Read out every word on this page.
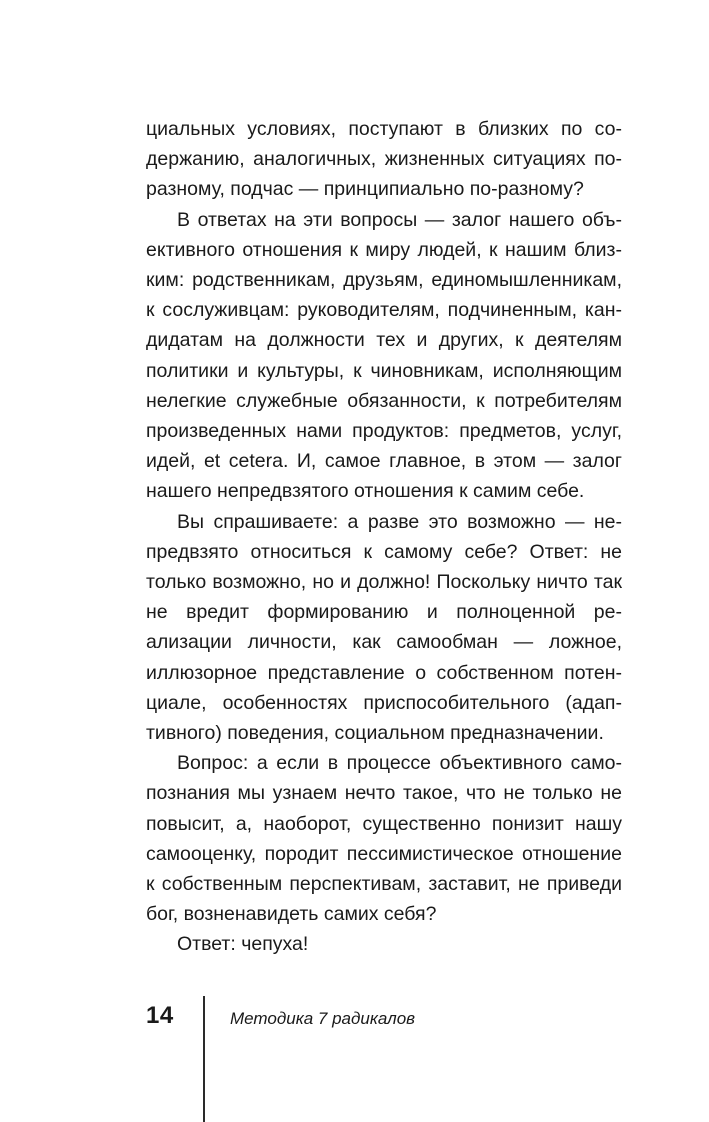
циальных условиях, поступают в близких по содержанию, аналогичных, жизненных ситуациях по-разному, подчас — принципиально по-разному?

В ответах на эти вопросы — залог нашего объективного отношения к миру людей, к нашим близким: родственникам, друзьям, единомышленникам, к сослуживцам: руководителям, подчиненным, кандидатам на должности тех и других, к деятелям политики и культуры, к чиновникам, исполняющим нелегкие служебные обязанности, к потребителям произведенных нами продуктов: предметов, услуг, идей, et cetera. И, самое главное, в этом — залог нашего непредвзятого отношения к самим себе.

Вы спрашиваете: а разве это возможно — непредвзято относиться к самому себе? Ответ: не только возможно, но и должно! Поскольку ничто так не вредит формированию и полноценной реализации личности, как самообман — ложное, иллюзорное представление о собственном потенциале, особенностях приспособительного (адаптивного) поведения, социальном предназначении.

Вопрос: а если в процессе объективного самопознания мы узнаем нечто такое, что не только не повысит, а, наоборот, существенно понизит нашу самооценку, породит пессимистическое отношение к собственным перспективам, заставит, не приведи бог, возненавидеть самих себя?

Ответ: чепуха!

14	Методика 7 радикалов
